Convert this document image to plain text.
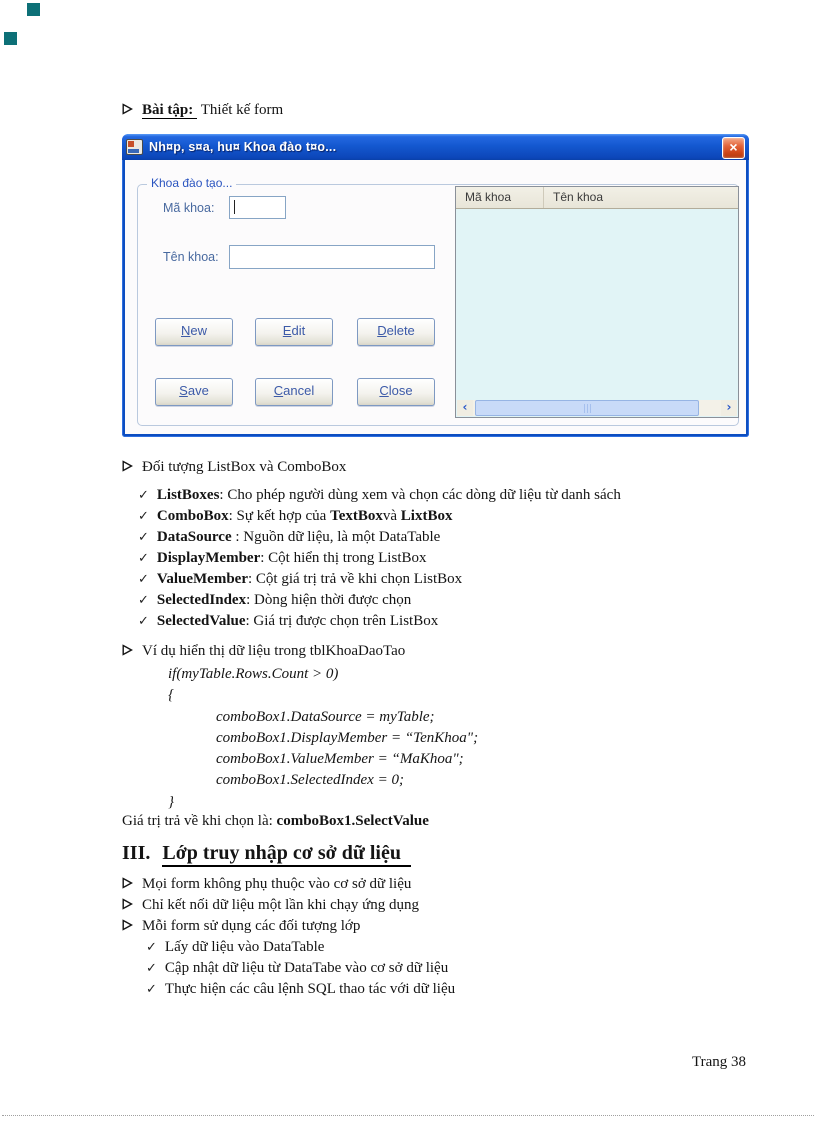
Bài tập: Thiết kế form
Nh¤p, s¤a, hu¤ Khoa đào t¤o...	×
Khoa đào tạo...
Mã khoa:
Tên khoa:
New	Edit	Delete
Save	Cancel	Close
Mã khoa	Tên khoa
‹	›
Đối tượng ListBox và ComboBox
✓ ListBoxes: Cho phép người dùng xem và chọn các dòng dữ liệu từ danh sách
✓ ComboBox: Sự kết hợp của TextBoxvà LixtBox
✓ DataSource : Nguồn dữ liệu, là một DataTable
✓ DisplayMember: Cột hiển thị trong ListBox
✓ ValueMember: Cột giá trị trả về khi chọn ListBox
✓ SelectedIndex: Dòng hiện thời được chọn
✓ SelectedValue: Giá trị được chọn trên ListBox
Ví dụ hiển thị dữ liệu trong tblKhoaDaoTao
if(myTable.Rows.Count > 0)
{
comboBox1.DataSource = myTable;
comboBox1.DisplayMember = “TenKhoa";
comboBox1.ValueMember = “MaKhoa";
comboBox1.SelectedIndex = 0;
}
Giá trị trả về khi chọn là: comboBox1.SelectValue
III. Lớp truy nhập cơ sở dữ liệu
Mọi form không phụ thuộc vào cơ sở dữ liệu
Chỉ kết nối dữ liệu một lần khi chạy ứng dụng
Mỗi form sử dụng các đối tượng lớp
✓ Lấy dữ liệu vào DataTable
✓ Cập nhật dữ liệu từ DataTabe vào cơ sở dữ liệu
✓ Thực hiện các câu lệnh SQL thao tác với dữ liệu
Trang 38
